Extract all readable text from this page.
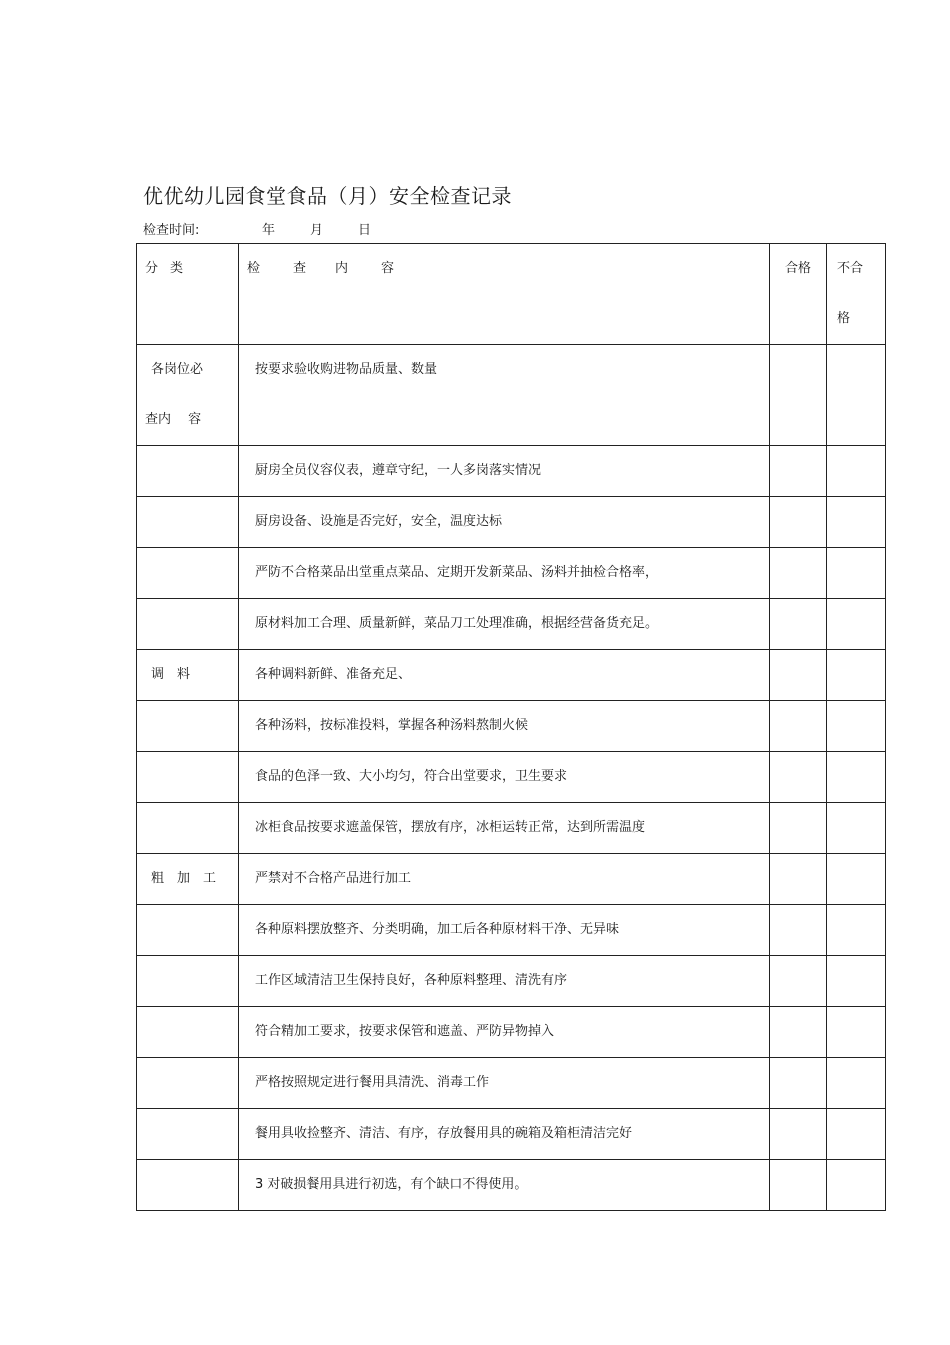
优优幼儿园食堂食品（月）安全检查记录
检查时间:	年	月	日
分类	检 查 内 容	合格	不合
格

各岗位必
查内　 容	按要求验收购进物品质量、数量		
	厨房全员仪容仪表，遵章守纪，一人多岗落实情况		
	厨房设备、设施是否完好，安全，温度达标		
	严防不合格菜品出堂重点菜品、定期开发新菜品、汤料并抽检合格率，		
	原材料加工合理、质量新鲜，菜品刀工处理准确，根据经营备货充足。		

调　料	各种调料新鲜、准备充足、		
	各种汤料，按标准投料，掌握各种汤料熬制火候		
	食品的色泽一致、大小均匀，符合出堂要求，卫生要求		
	冰柜食品按要求遮盖保管，摆放有序，冰柜运转正常，达到所需温度		

粗　加　工	严禁对不合格产品进行加工		
	各种原料摆放整齐、分类明确，加工后各种原材料干净、无异味		
	工作区域清洁卫生保持良好，各种原料整理、清洗有序		
	符合精加工要求，按要求保管和遮盖、严防异物掉入		
	严格按照规定进行餐用具清洗、消毒工作		
	餐用具收捡整齐、清洁、有序，存放餐用具的碗箱及箱柜清洁完好		
	3 对破损餐用具进行初选，有个缺口不得使用。		
